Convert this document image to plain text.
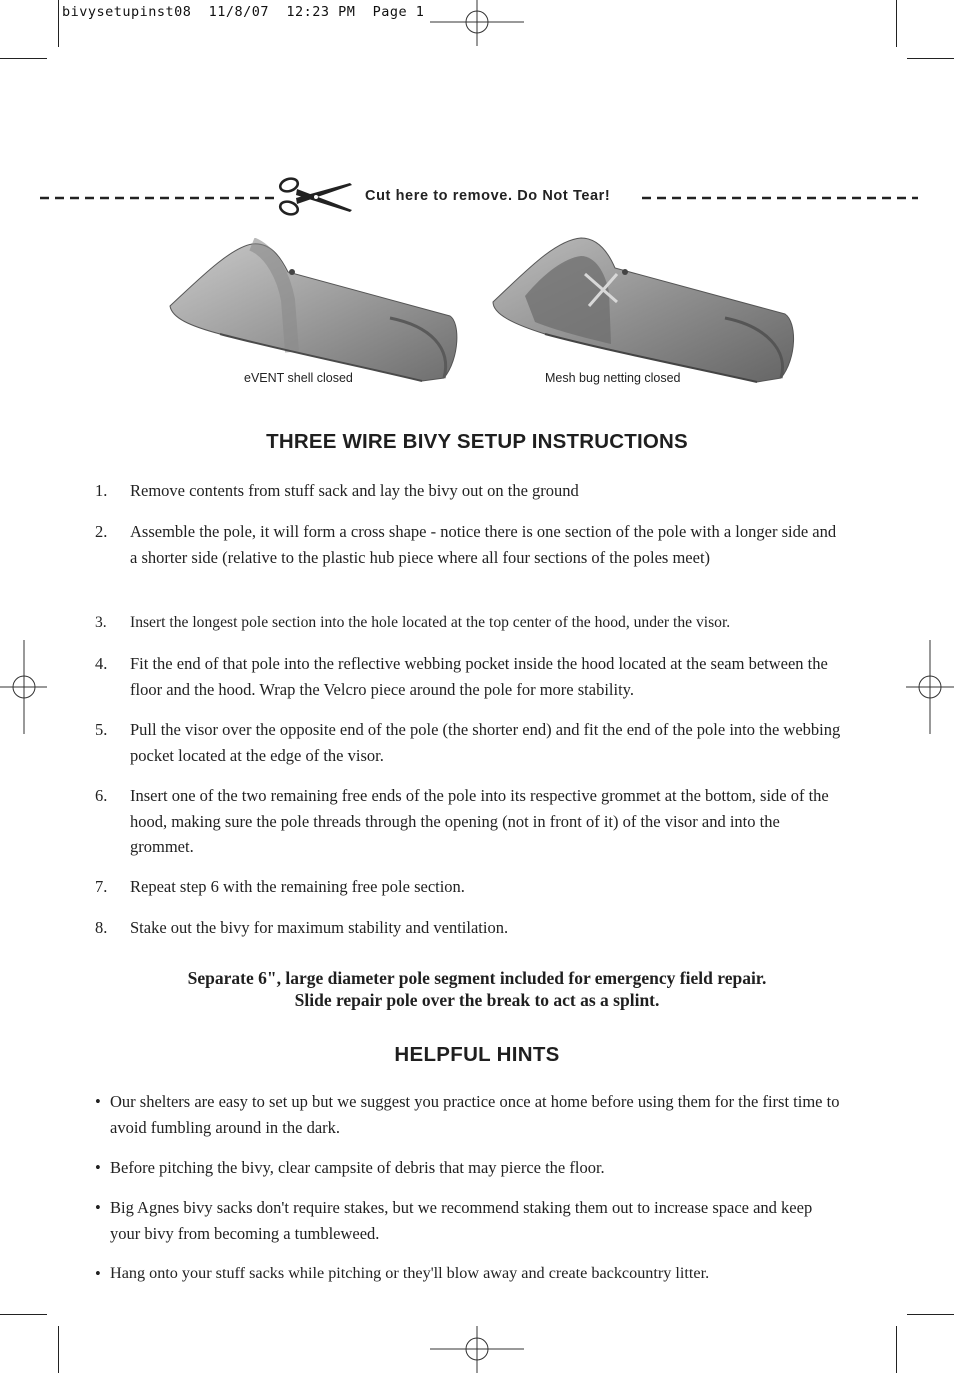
bivysetupinst08  11/8/07  12:23 PM  Page 1
Cut here to remove. Do Not Tear!
eVENT shell closed	Mesh bug netting closed
THREE WIRE BIVY SETUP INSTRUCTIONS
1. Remove contents from stuff sack and lay the bivy out on the ground
2. Assemble the pole, it will form a cross shape - notice there is one section of the pole with a longer side and a shorter side (relative to the plastic hub piece where all four sections of the poles meet)
3. Insert the longest pole section into the hole located at the top center of the hood, under the visor.
4. Fit the end of that pole into the reflective webbing pocket inside the hood located at the seam between the floor and the hood. Wrap the Velcro piece around the pole for more stability.
5. Pull the visor over the opposite end of the pole (the shorter end) and fit the end of the pole into the webbing pocket located at the edge of the visor.
6. Insert one of the two remaining free ends of the pole into its respective grommet at the bottom, side of the hood, making sure the pole threads through the opening (not in front of it) of the visor and into the grommet.
7. Repeat step 6 with the remaining free pole section.
8. Stake out the bivy for maximum stability and ventilation.
Separate 6", large diameter pole segment included for emergency field repair.
Slide repair pole over the break to act as a splint.
HELPFUL HINTS
• Our shelters are easy to set up but we suggest you practice once at home before using them for the first time to avoid fumbling around in the dark.
• Before pitching the bivy, clear campsite of debris that may pierce the floor.
• Big Agnes bivy sacks don't require stakes, but we recommend staking them out to increase space and keep your bivy from becoming a tumbleweed.
• Hang onto your stuff sacks while pitching or they'll blow away and create backcountry litter.
